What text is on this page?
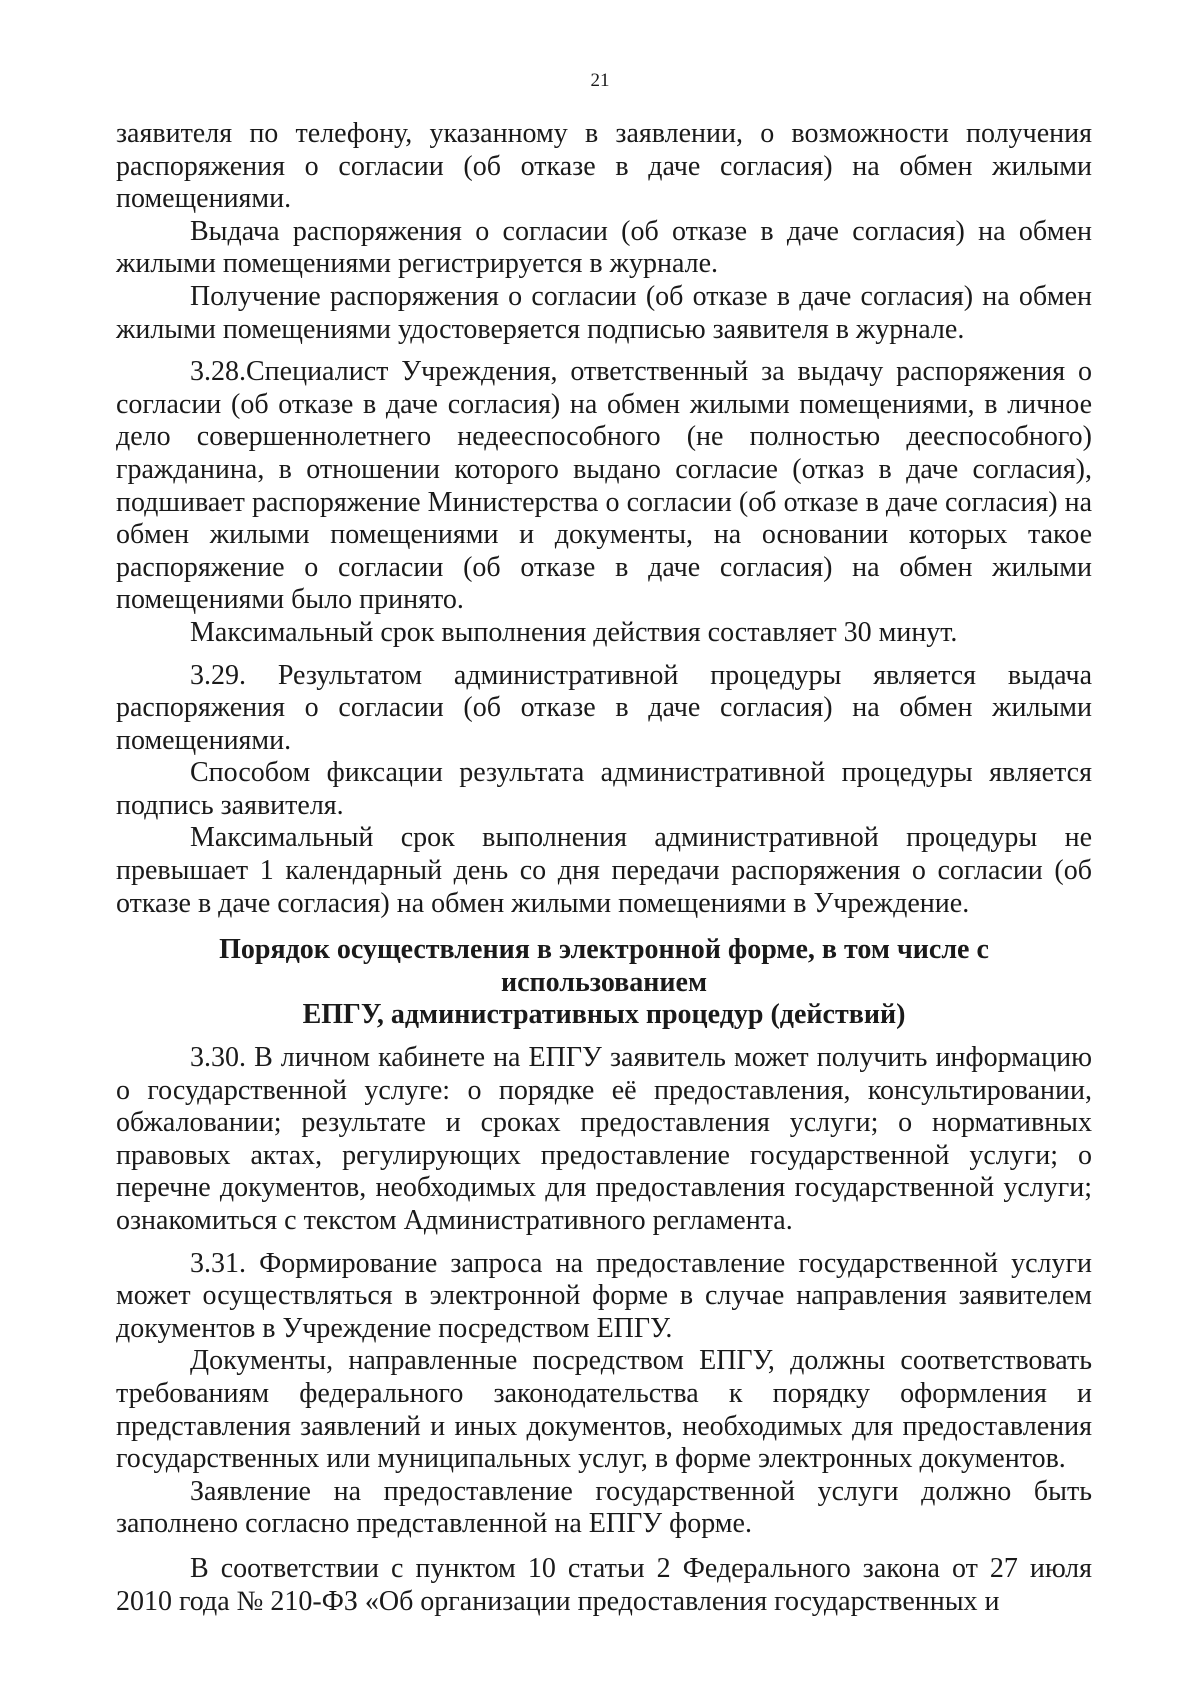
21

заявителя по телефону, указанному в заявлении, о возможности получения распоряжения о согласии (об отказе в даче согласия) на обмен жилыми помещениями.

Выдача распоряжения о согласии (об отказе в даче согласия) на обмен жилыми помещениями регистрируется в журнале.

Получение распоряжения о согласии (об отказе в даче согласия) на обмен жилыми помещениями удостоверяется подписью заявителя в журнале.

3.28.Специалист Учреждения, ответственный за выдачу распоряжения о согласии (об отказе в даче согласия) на обмен жилыми помещениями, в личное дело совершеннолетнего недееспособного (не полностью дееспособного) гражданина, в отношении которого выдано согласие (отказ в даче согласия), подшивает распоряжение Министерства о согласии (об отказе в даче согласия) на обмен жилыми помещениями и документы, на основании которых такое распоряжение о согласии (об отказе в даче согласия) на обмен жилыми помещениями было принято.

Максимальный срок выполнения действия составляет 30 минут.

3.29. Результатом административной процедуры является выдача распоряжения о согласии (об отказе в даче согласия) на обмен жилыми помещениями.

Способом фиксации результата административной процедуры является подпись заявителя.

Максимальный срок выполнения административной процедуры не превышает 1 календарный день со дня передачи распоряжения о согласии (об отказе в даче согласия) на обмен жилыми помещениями в Учреждение.

Порядок осуществления в электронной форме, в том числе с использованием
ЕПГУ, административных процедур (действий)

3.30. В личном кабинете на ЕПГУ заявитель может получить информацию о государственной услуге: о порядке её предоставления, консультировании, обжаловании; результате и сроках предоставления услуги; о нормативных правовых актах, регулирующих предоставление государственной услуги; о перечне документов, необходимых для предоставления государственной услуги; ознакомиться с текстом Административного регламента.

3.31. Формирование запроса на предоставление государственной услуги может осуществляться в электронной форме в случае направления заявителем документов в Учреждение посредством ЕПГУ.

Документы, направленные посредством ЕПГУ, должны соответствовать требованиям федерального законодательства к порядку оформления и представления заявлений и иных документов, необходимых для предоставления государственных или муниципальных услуг, в форме электронных документов.

Заявление на предоставление государственной услуги должно быть заполнено согласно представленной на ЕПГУ форме.

В соответствии с пунктом 10 статьи 2 Федерального закона от 27 июля 2010 года № 210-ФЗ «Об организации предоставления государственных и
